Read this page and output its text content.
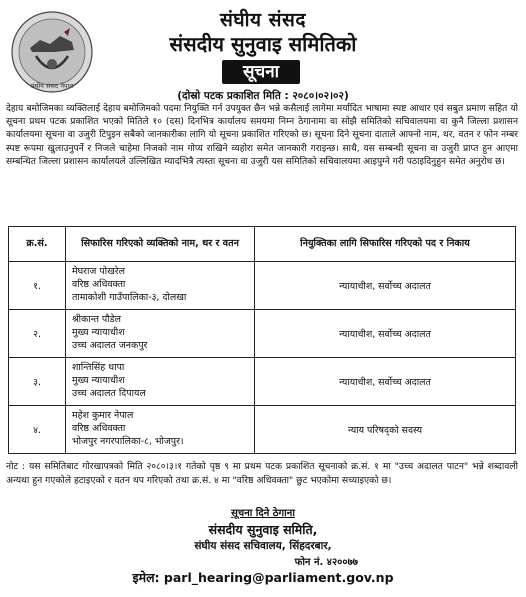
संघीय संसद नेपाल
संघीय संसद
संसदीय सुनुवाइ समितिको
सूचना
(दोस्रो पटक प्रकाशित मिति : २०८०।०२।०२)
देहाय बमोजिमका व्यक्तिलाई देहाय बमोजिमको पदमा नियुक्ति गर्न उपयुक्त छैन भन्ने कसैलाई लागेमा मर्यादित भाषामा स्पष्ट आधार एवं सबुत प्रमाण सहित यो सूचना प्रथम पटक प्रकाशित भएको मितिले १० (दस) दिनभित्र कार्यालय समयमा निम्न ठेगानामा वा सोझै समितिको सचिवालयमा वा कुनै जिल्ला प्रशासन कार्यालयमा सूचना वा उजुरी टिपुइन सबैको जानकारीका लागि यो सूचना प्रकाशित गरिएको छ। सूचना दिने सूचना दाताले आफ्नो नाम, थर, वतन र फोन नम्बर स्पष्ट रूपमा खुलाउनुपर्ने र निजले चाहेमा निजको नाम गोप्य राखिने व्यहोरा समेत जानकारी गराइन्छ। साथै, यस सम्बन्धी सूचना वा उजुरी प्राप्त हुन आएमा सम्बन्धित जिल्ला प्रशासन कार्यालयले उल्लिखित म्यादभित्रै त्यस्ता सूचना वा उजुरी यस समितिको सचिवालयमा आइपुग्ने गरी पठाइदिनुहुन समेत अनुरोध छ।
क्र.सं.	सिफारिस गरिएको व्यक्तिको नाम, थर र वतन	नियुक्तिका लागि सिफारिस गरिएको पद र निकाय
१.	मेघराज पोखरेल
वरिष्ठ अधिवक्ता
तामाकोशी गाउँपालिका-३, दोलखा	न्यायाधीश, सर्वोच्च अदालत
२.	श्रीकान्त पौडेल
मुख्य न्यायाधीश
उच्च अदालत जनकपुर	न्यायाधीश, सर्वोच्च अदालत
३.	शान्तिसिंह थापा
मुख्य न्यायाधीश
उच्च अदालत दिपायल	न्यायाधीश, सर्वोच्च अदालत
४.	महेश कुमार नेपाल
वरिष्ठ अधिवक्ता
भोजपुर नगरपालिका-८, भोजपुर।	न्याय परिषद्को सदस्य
नोट : यस समितिबाट गोरखापत्रको मिति २०८०।३।१ गतेको पृष्ठ ९ मा प्रथम पटक प्रकाशित सूचनाको क्र.सं. १ मा "उच्च अदालत पाटन" भन्ने शब्दावली अन्यथा हुन गएकोले हटाइएको र वतन थप गरिएको तथा क्र.सं. ४ मा "वरिष्ठ अधिवक्ता" छुट भएकोमा सच्याइएको छ।
सूचना दिने ठेगाना
संसदीय सुनुवाइ समिति,
संघीय संसद सचिवालय, सिंहदरबार,
फोन नं. ४२००७७
इमेल: parl_hearing@parliament.gov.np
